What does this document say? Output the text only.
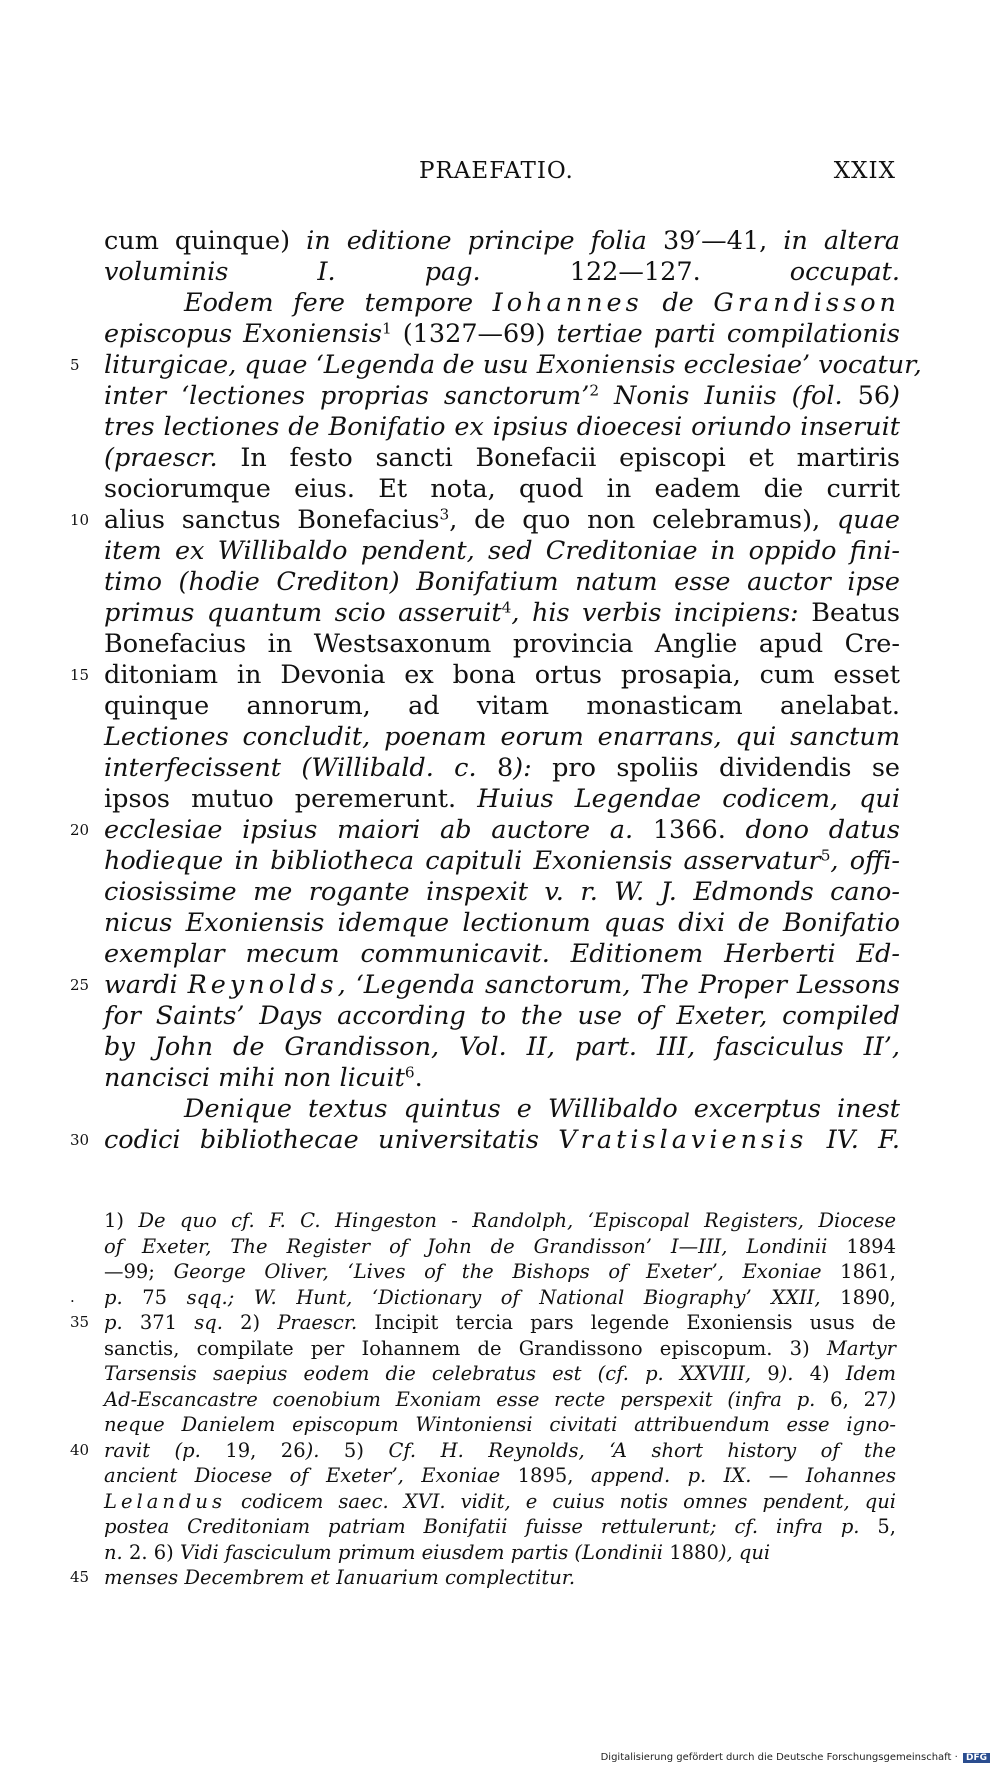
PRAEFATIO.	XXIX
cum quinque) in editione principe folia 39′—41, in altera
voluminis I. pag. 122—127. occupat.
Eodem fere tempore Iohannes de Grandisson
episcopus Exoniensis$^1$ (1327—69) tertiae parti compilationis
5 liturgicae, quae ‘Legenda de usu Exoniensis ecclesiae’ vocatur,
inter ‘lectiones proprias sanctorum’$^2$ Nonis Iuniis (fol. 56)
tres lectiones de Bonifatio ex ipsius dioecesi oriundo inseruit
(praescr. In festo sancti Bonefacii episcopi et martiris
sociorumque eius. Et nota, quod in eadem die currit
10 alius sanctus Bonefacius$^3$, de quo non celebramus), quae
item ex Willibaldo pendent, sed Creditoniae in oppido fini-
timo (hodie Crediton) Bonifatium natum esse auctor ipse
primus quantum scio asseruit$^4$, his verbis incipiens: Beatus
Bonefacius in Westsaxonum provincia Anglie apud Cre-
15 ditoniam in Devonia ex bona ortus prosapia, cum esset
quinque annorum, ad vitam monasticam anelabat.
Lectiones concludit, poenam eorum enarrans, qui sanctum
interfecissent (Willibald. c. 8): pro spoliis dividendis se
ipsos mutuo peremerunt. Huius Legendae codicem, qui
20 ecclesiae ipsius maiori ab auctore a. 1366. dono datus
hodieque in bibliotheca capituli Exoniensis asservatur$^5$, offi-
ciosissime me rogante inspexit v. r. W. J. Edmonds cano-
nicus Exoniensis idemque lectionum quas dixi de Bonifatio
exemplar mecum communicavit. Editionem Herberti Ed-
25 wardi Reynolds, ‘Legenda sanctorum, The Proper Lessons
for Saints’ Days according to the use of Exeter, compiled
by John de Grandisson, Vol. II, part. III, fasciculus II’,
nancisci mihi non licuit$^6$.
Denique textus quintus e Willibaldo excerptus inest
30 codici bibliothecae universitatis Vratislaviensis IV. F.
1) De quo cf. F. C. Hingeston - Randolph, ‘Episcopal Registers, Diocese
of Exeter, The Register of John de Grandisson’ I—III, Londinii 1894
—99; George Oliver, ‘Lives of the Bishops of Exeter’, Exoniae 1861,
.	p. 75 sqq.; W. Hunt, ‘Dictionary of National Biography’ XXII, 1890,
35 p. 371 sq. 2) Praescr. Incipit tercia pars legende Exoniensis usus de
sanctis, compilate per Iohannem de Grandissono episcopum. 3) Martyr
Tarsensis saepius eodem die celebratus est (cf. p. XXVIII, 9). 4) Idem
Ad-Escancastre coenobium Exoniam esse recte perspexit (infra p. 6, 27)
neque Danielem episcopum Wintoniensi civitati attribuendum esse igno-
40 ravit (p. 19, 26). 5) Cf. H. Reynolds, ‘A short history of the
ancient Diocese of Exeter’, Exoniae 1895, append. p. IX. — Iohannes
Lelandus codicem saec. XVI. vidit, e cuius notis omnes pendent, qui
postea Creditoniam patriam Bonifatii fuisse rettulerunt; cf. infra p. 5,
n. 2. 6) Vidi fasciculum primum eiusdem partis (Londinii 1880), qui
45 menses Decembrem et Ianuarium complectitur.
Digitalisierung gefördert durch die Deutsche Forschungsgemeinschaft · DFG
